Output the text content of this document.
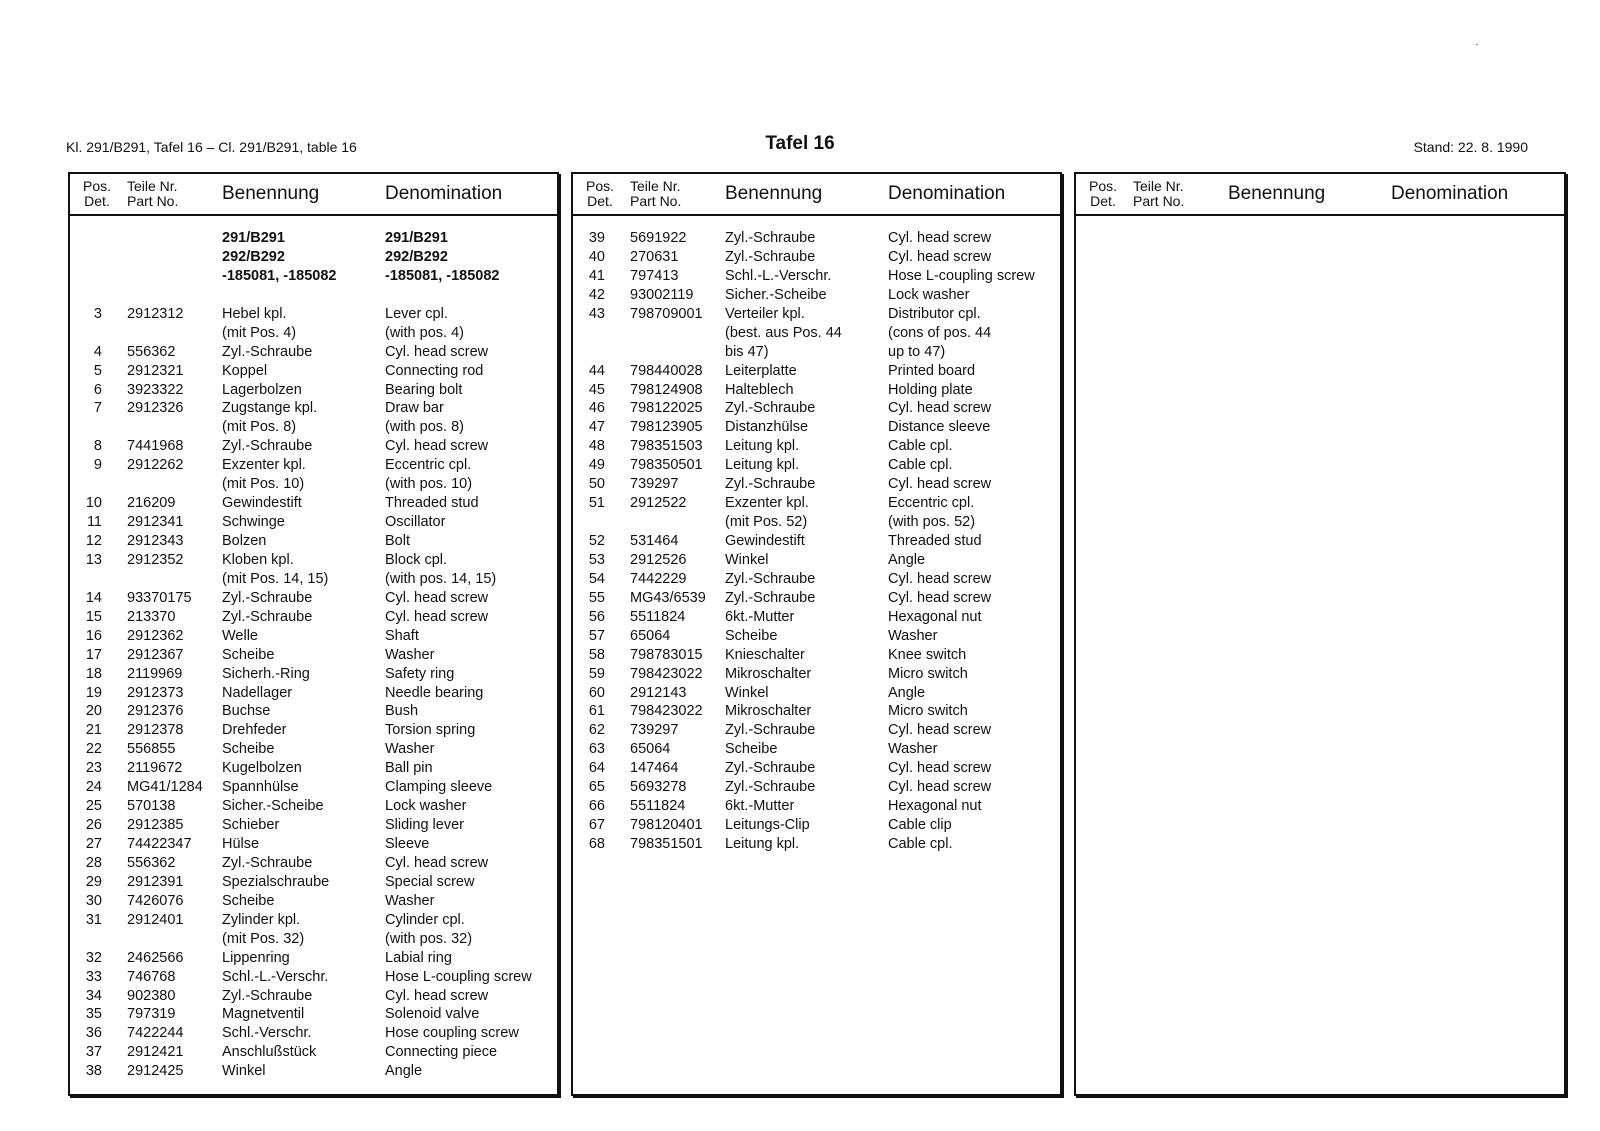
Kl. 291/B291, Tafel 16 – Cl. 291/B291, table 16	Tafel 16	Stand: 22. 8. 1990
Pos.
Det.
Teile Nr.
Part No. Benennung	Denomination
291/B291	291/B291
292/B292	292/B292
-185081, -185082	-185081, -185082
3 2912312	Hebel kpl.	Lever cpl.
(mit Pos. 4)	(with pos. 4)
4 556362	Zyl.-Schraube	Cyl. head screw
5 2912321	Koppel	Connecting rod
6 3923322	Lagerbolzen	Bearing bolt
7 2912326	Zugstange kpl.	Draw bar
(mit Pos. 8)	(with pos. 8)
8 7441968	Zyl.-Schraube	Cyl. head screw
9 2912262	Exzenter kpl.	Eccentric cpl.
(mit Pos. 10)	(with pos. 10)
10 216209	Gewindestift	Threaded stud
11 2912341	Schwinge	Oscillator
12 2912343	Bolzen	Bolt
13 2912352	Kloben kpl.	Block cpl.
(mit Pos. 14, 15)	(with pos. 14, 15)
14 93370175 Zyl.-Schraube	Cyl. head screw
15 213370	Zyl.-Schraube	Cyl. head screw
16 2912362	Welle	Shaft
17 2912367	Scheibe	Washer
18 2119969	Sicherh.-Ring	Safety ring
19 2912373	Nadellager	Needle bearing
20 2912376	Buchse	Bush
21 2912378	Drehfeder	Torsion spring
22 556855	Scheibe	Washer
23 2119672	Kugelbolzen	Ball pin
24 MG41/1284 Spannhülse	Clamping sleeve
25 570138	Sicher.-Scheibe	Lock washer
26 2912385	Schieber	Sliding lever
27 74422347 Hülse	Sleeve
28 556362	Zyl.-Schraube	Cyl. head screw
29 2912391	Spezialschraube	Special screw
30 7426076	Scheibe	Washer
31 2912401	Zylinder kpl.	Cylinder cpl.
(mit Pos. 32)	(with pos. 32)
32 2462566	Lippenring	Labial ring
33 746768	Schl.-L.-Verschr.	Hose L-coupling screw
34 902380	Zyl.-Schraube	Cyl. head screw
35 797319	Magnetventil	Solenoid valve
36 7422244	Schl.-Verschr.	Hose coupling screw
37 2912421	Anschlußstück	Connecting piece
38 2912425	Winkel	Angle
Pos.
Det.
Teile Nr.
Part No. Benennung	Denomination
39 5691922	Zyl.-Schraube	Cyl. head screw
40 270631	Zyl.-Schraube	Cyl. head screw
41 797413	Schl.-L.-Verschr.	Hose L-coupling screw
42 93002119 Sicher.-Scheibe	Lock washer
43 798709001 Verteiler kpl.	Distributor cpl.
(best. aus Pos. 44	(cons of pos. 44
bis 47)	up to 47)
44 798440028 Leiterplatte	Printed board
45 798124908 Halteblech	Holding plate
46 798122025 Zyl.-Schraube	Cyl. head screw
47 798123905 Distanzhülse	Distance sleeve
48 798351503 Leitung kpl.	Cable cpl.
49 798350501 Leitung kpl.	Cable cpl.
50 739297	Zyl.-Schraube	Cyl. head screw
51 2912522	Exzenter kpl.	Eccentric cpl.
(mit Pos. 52)	(with pos. 52)
52 531464	Gewindestift	Threaded stud
53 2912526	Winkel	Angle
54 7442229	Zyl.-Schraube	Cyl. head screw
55 MG43/6539 Zyl.-Schraube	Cyl. head screw
56 5511824	6kt.-Mutter	Hexagonal nut
57 65064	Scheibe	Washer
58 798783015 Knieschalter	Knee switch
59 798423022 Mikroschalter	Micro switch
60 2912143	Winkel	Angle
61 798423022 Mikroschalter	Micro switch
62 739297	Zyl.-Schraube	Cyl. head screw
63 65064	Scheibe	Washer
64 147464	Zyl.-Schraube	Cyl. head screw
65 5693278	Zyl.-Schraube	Cyl. head screw
66 5511824	6kt.-Mutter	Hexagonal nut
67 798120401 Leitungs-Clip	Cable clip
68 798351501 Leitung kpl.	Cable cpl.
Pos.
Det.
Teile Nr.
Part No. Benennung	Denomination
